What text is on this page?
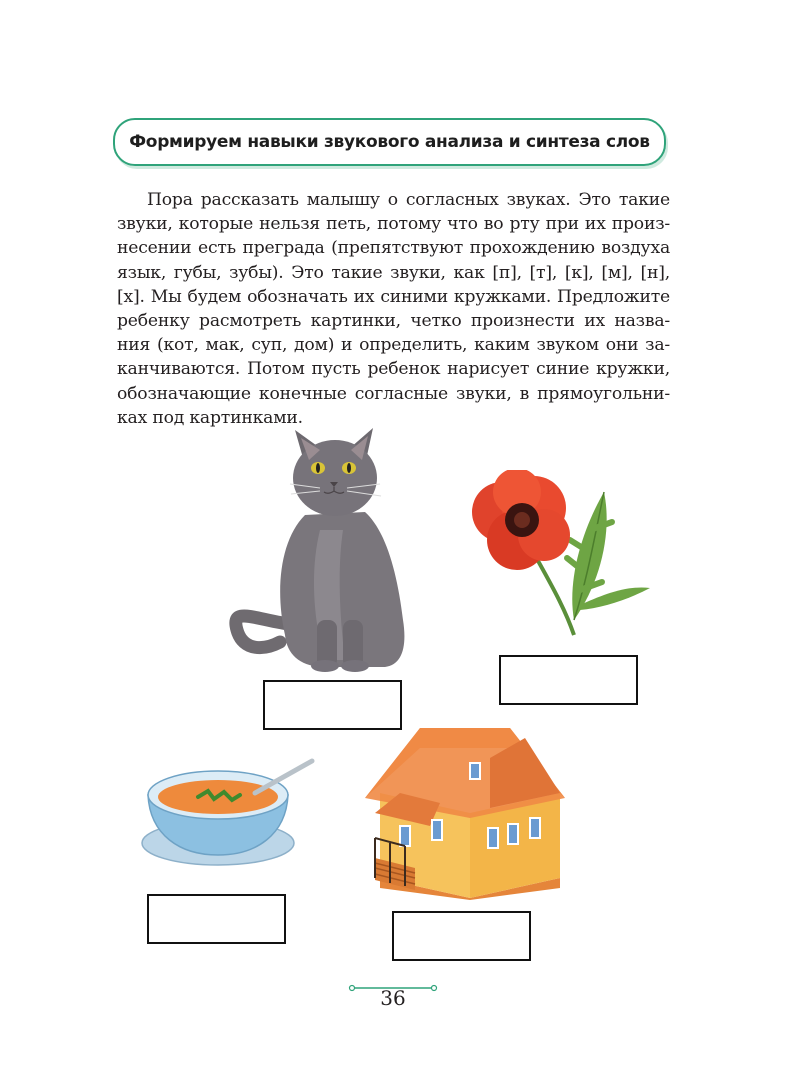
Формируем навыки звукового анализа и синтеза слов
Пора рассказать малышу о согласных звуках. Это такие
звуки, которые нельзя петь, потому что во рту при их произ-
несении есть преграда (препятствуют прохождению воздуха
язык, губы, зубы). Это такие звуки, как [п], [т], [к], [м], [н],
[х]. Мы будем обозначать их синими кружками. Предложите
ребенку расмотреть картинки, четко произнести их назва-
ния (кот, мак, суп, дом) и определить, каким звуком они за-
канчиваются. Потом пусть ребенок нарисует синие кружки,
обозначающие конечные согласные звуки, в прямоугольни-
ках под картинками.
36
